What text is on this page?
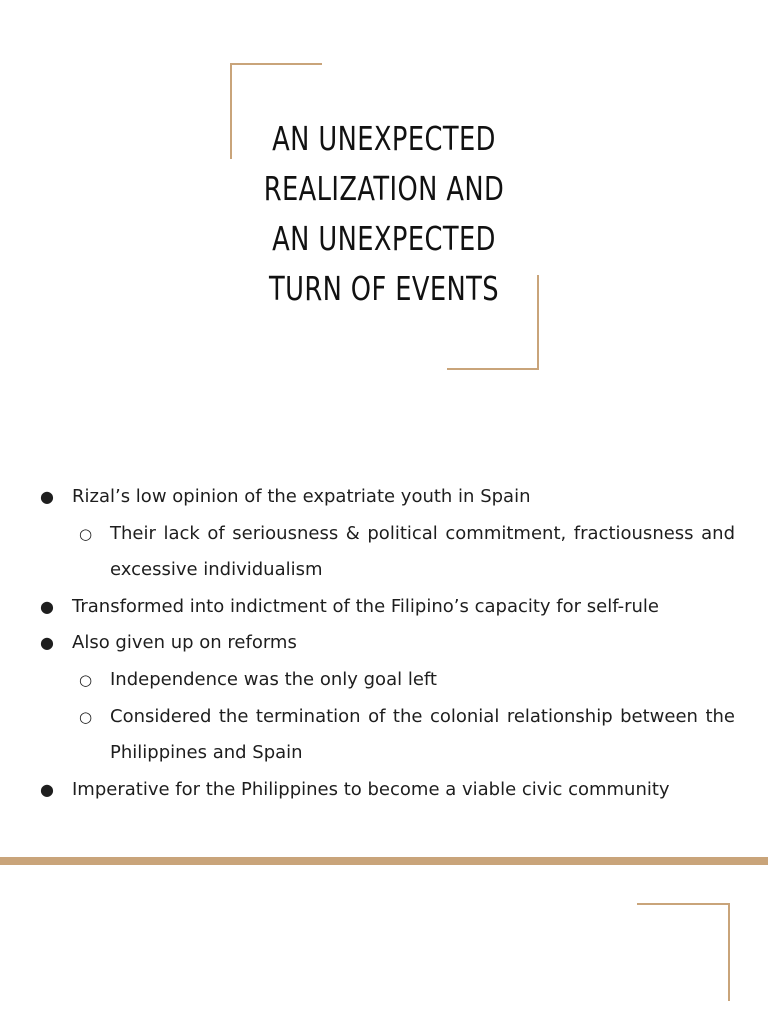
AN UNEXPECTED
REALIZATION AND
AN UNEXPECTED
TURN OF EVENTS
● Rizal’s low opinion of the expatriate youth in Spain
○ Their lack of seriousness & political commitment, fractiousness and excessive individualism
● Transformed into indictment of the Filipino’s capacity for self-rule
● Also given up on reforms
○ Independence was the only goal left
○ Considered the termination of the colonial relationship between the Philippines and Spain
● Imperative for the Philippines to become a viable civic community
